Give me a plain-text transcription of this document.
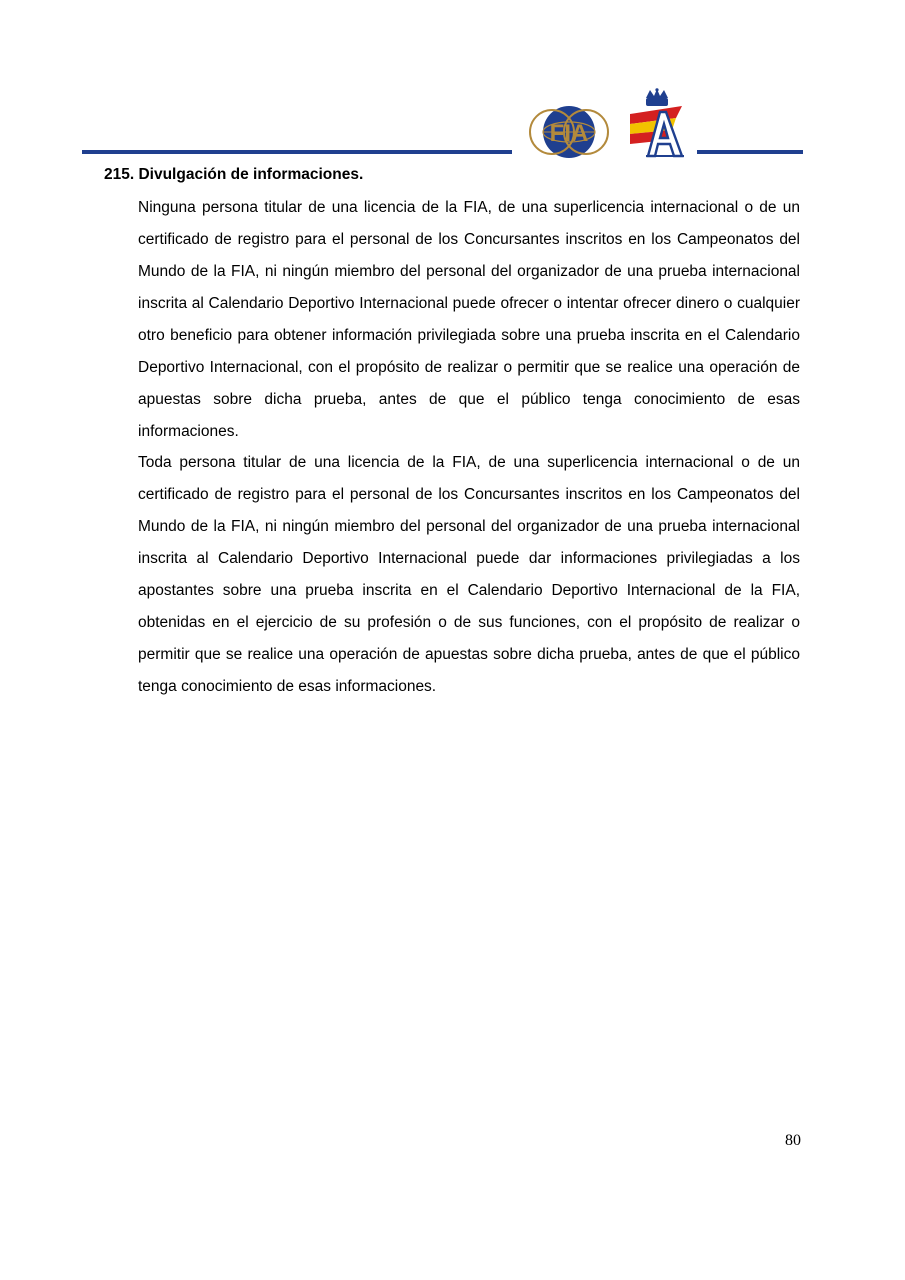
FIA
215. Divulgación de informaciones.
Ninguna persona titular de una licencia de la FIA, de una superlicencia internacional o de un certificado de registro para el personal de los Concursantes inscritos en los Campeonatos del Mundo de la FIA, ni ningún miembro del personal del organizador de una prueba internacional inscrita al Calendario Deportivo Internacional puede ofrecer o intentar ofrecer dinero o cualquier otro beneficio para obtener información privilegiada sobre una prueba inscrita en el Calendario Deportivo Internacional, con el propósito de realizar o permitir que se realice una operación de apuestas sobre dicha prueba, antes de que el público tenga conocimiento de esas informaciones.
Toda persona titular de una licencia de la FIA, de una superlicencia internacional o de un certificado de registro para el personal de los Concursantes inscritos en los Campeonatos del Mundo de la FIA, ni ningún miembro del personal del organizador de una prueba internacional inscrita al Calendario Deportivo Internacional puede dar informaciones privilegiadas a los apostantes sobre una prueba inscrita en el Calendario Deportivo Internacional de la FIA, obtenidas en el ejercicio de su profesión o de sus funciones, con el propósito de realizar o permitir que se realice una operación de apuestas sobre dicha prueba, antes de que el público tenga conocimiento de esas informaciones.
80
